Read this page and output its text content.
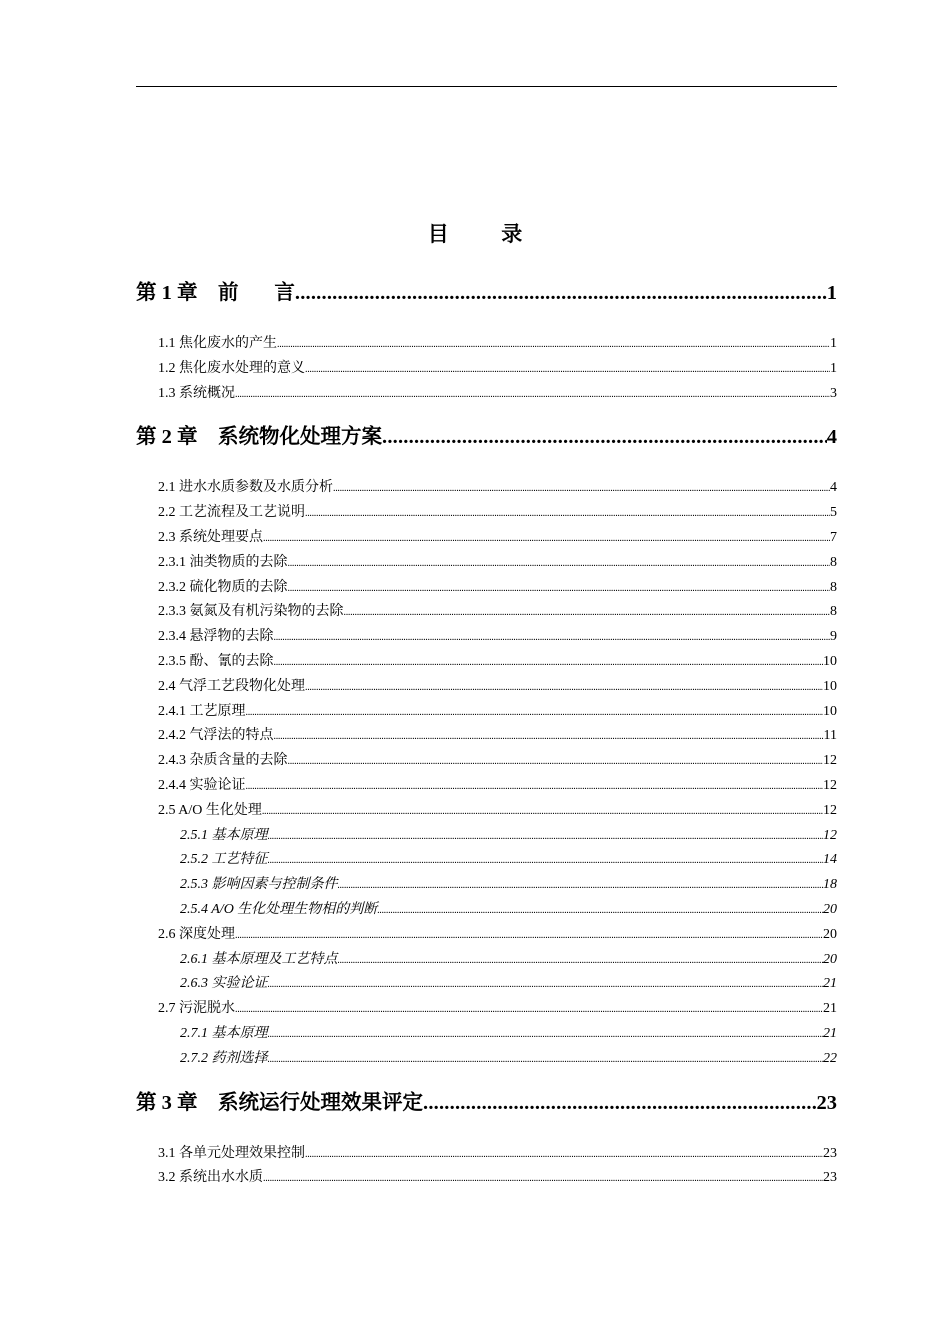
目  录
第 1 章    前       言 .....	1
1.1 焦化废水的产生 .....	1
1.2 焦化废水处理的意义 .....	1
1.3 系统概况 .....	3
第 2 章    系统物化处理方案 .....	4
2.1 进水水质参数及水质分析 .....	4
2.2 工艺流程及工艺说明 .....	5
2.3 系统处理要点 .....	7
2.3.1 油类物质的去除 .....	8
2.3.2 硫化物质的去除 .....	8
2.3.3 氨氮及有机污染物的去除 .....	8
2.3.4 悬浮物的去除 .....	9
2.3.5 酚、氰的去除 .....	10
2.4 气浮工艺段物化处理 .....	10
2.4.1 工艺原理 .....	10
2.4.2 气浮法的特点 .....	11
2.4.3 杂质含量的去除 .....	12
2.4.4 实验论证 .....	12
2.5 A/O 生化处理 .....	12
2.5.1 基本原理 .....	12
2.5.2 工艺特征 .....	14
2.5.3 影响因素与控制条件 .....	18
2.5.4 A/O 生化处理生物相的判断 .....	20
2.6 深度处理 .....	20
2.6.1 基本原理及工艺特点 .....	20
2.6.3 实验论证 .....	21
2.7 污泥脱水 .....	21
2.7.1 基本原理 .....	21
2.7.2 药剂选择 .....	22
第 3 章    系统运行处理效果评定 .....	23
3.1 各单元处理效果控制 .....	23
3.2 系统出水水质 .....	23
